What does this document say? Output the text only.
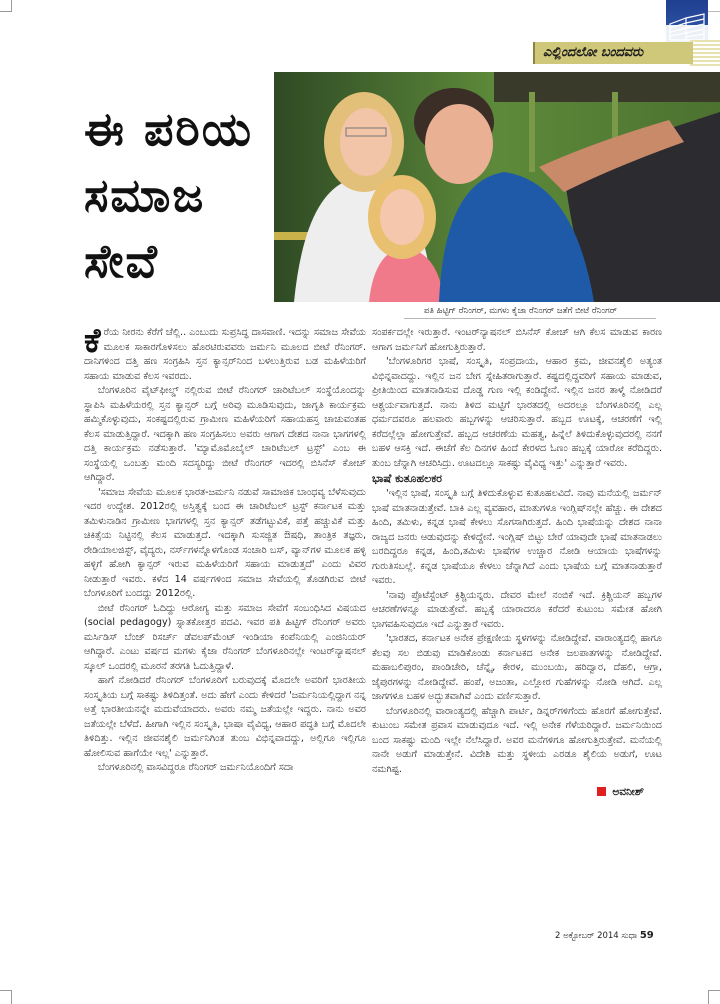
ಎಲ್ಲಿಂದಲೋ ಬಂದವರು
ಈ ಪರಿಯ
ಸಮಾಜ
ಸೇವೆ
ಪತಿ ಹಿಟ್ಟಿಗ್ ರೆನಿಂಗರ್, ಮಗಳು ಕೈಜಾ ರೆನಿಂಗರ್ ಜತೆಗೆ ಬೀಟೆ ರೆನಿಂಗರ್

ಕೆರೆಯ ನೀರನು ಕೆರೆಗೆ ಚೆಲ್ಲಿ.. ಎಂಬುದು ಸುಪ್ರಸಿದ್ಧ ದಾಸವಾಣಿ. ಇದನ್ನು ಸಮಾಜ ಸೇವೆಯ ಮೂಲಕ ಸಾಕಾರಗೊಳಿಸಲು ಹೊರಟಿರುವವರು ಜರ್ಮನಿ ಮೂಲದ ಬೀಟೆ ರೆನಿಂಗರ್. ದಾನಿಗಳಿಂದ ದತ್ತಿ ಹಣ ಸಂಗ್ರಹಿಸಿ ಸ್ತನ ಕ್ಯಾನ್ಸರ್‌ನಿಂದ ಬಳಲುತ್ತಿರುವ ಬಡ ಮಹಿಳೆಯರಿಗೆ ಸಹಾಯ ಮಾಡುವ ಕೆಲಸ ಇವರದು.

ಬೆಂಗಳೂರಿನ ವೈಟ್‌ಫೀಲ್ಡ್ ನಲ್ಲಿರುವ ಬೀಟೆ ರೆನಿಂಗರ್ ಚಾರಿಟೆಬಲ್ ಸಂಸ್ಥೆಯೊಂದನ್ನು ಸ್ಥಾಪಿಸಿ ಮಹಿಳೆಯರಲ್ಲಿ ಸ್ತನ ಕ್ಯಾನ್ಸರ್ ಬಗ್ಗೆ ಅರಿವು ಮೂಡಿಸುವುದು, ಜಾಗೃತಿ ಕಾರ್ಯಕ್ರಮ ಹಮ್ಮಿಕೊಳ್ಳುವುದು, ಸಂಕಷ್ಟದಲ್ಲಿರುವ ಗ್ರಾಮೀಣ ಮಹಿಳೆಯರಿಗೆ ಸಹಾಯಹಸ್ತ ಚಾಚುವಂತಹ ಕೆಲಸ ಮಾಡುತ್ತಿದ್ದಾರೆ. ಇದಕ್ಕಾಗಿ ಹಣ ಸಂಗ್ರಹಿಸಲು ಅವರು ಆಗಾಗ ದೇಶದ ನಾನಾ ಭಾಗಗಳಲ್ಲಿ ದತ್ತಿ ಕಾರ್ಯಕ್ರಮ ನಡೆಸುತ್ತಾರೆ. 'ಮ್ಯಾಮೊಮೊಬೈಲ್ ಚಾರಿಟೆಬಲ್ ಟ್ರಸ್ಟ್' ಎಂಬ ಈ ಸಂಸ್ಥೆಯಲ್ಲಿ ಒಂಬತ್ತು ಮಂದಿ ಸದಸ್ಯರಿದ್ದು ಬೀಟೆ ರೆನಿಂಗರ್ ಇದರಲ್ಲಿ ಬಿಸಿನೆಸ್ ಕೋಚ್ ಆಗಿದ್ದಾರೆ.

'ಸಮಾಜ ಸೇವೆಯ ಮೂಲಕ ಭಾರತ-ಜರ್ಮನಿ ನಡುವೆ ಸಾಮಾಜಿಕ ಬಾಂಧವ್ಯ ಬೆಳೆಸುವುದು ಇದರ ಉದ್ದೇಶ. 2012ರಲ್ಲಿ ಅಸ್ತಿತ್ವಕ್ಕೆ ಬಂದ ಈ ಚಾರಿಟೆಬಲ್ ಟ್ರಸ್ಟ್ ಕರ್ನಾಟಕ ಮತ್ತು ತಮಿಳುನಾಡಿನ ಗ್ರಾಮೀಣ ಭಾಗಗಳಲ್ಲಿ ಸ್ತನ ಕ್ಯಾನ್ಸರ್ ತಡೆಗಟ್ಟುವಿಕೆ, ಪತ್ತೆ ಹಚ್ಚುವಿಕೆ ಮತ್ತು ಚಿಕಿತ್ಸೆಯ ನಿಟ್ಟಿನಲ್ಲಿ ಕೆಲಸ ಮಾಡುತ್ತದೆ. ಇದಕ್ಕಾಗಿ ಸುಸಜ್ಜಿತ ಔಷಧಿ, ತಾಂತ್ರಿಕ ತಜ್ಞರು, ರೇಡಿಯಾಲಜಿಸ್ಟ್, ವೈದ್ಯರು, ನರ್ಸ್‌ಗಳನ್ನೊಳಗೊಂಡ ಸಂಚಾರಿ ಬಸ್, ವ್ಯಾನ್‌ಗಳ ಮೂಲಕ ಹಳ್ಳಿ ಹಳ್ಳಿಗೆ ಹೋಗಿ ಕ್ಯಾನ್ಸರ್ ಇರುವ ಮಹಿಳೆಯರಿಗೆ ಸಹಾಯ ಮಾಡುತ್ತದೆ' ಎಂದು ವಿವರ ನೀಡುತ್ತಾರೆ ಇವರು. ಕಳೆದ 14 ವರ್ಷಗಳಿಂದ ಸಮಾಜ ಸೇವೆಯಲ್ಲಿ ತೊಡಗಿರುವ ಬೀಟೆ ಬೆಂಗಳೂರಿಗೆ ಬಂದದ್ದು 2012ರಲ್ಲಿ.

ಬೀಟೆ ರೆನಿಂಗರ್ ಓದಿದ್ದು ಆರೋಗ್ಯ ಮತ್ತು ಸಮಾಜ ಸೇವೆಗೆ ಸಂಬಂಧಿಸಿದ ವಿಷಯದ (social pedagogy) ಸ್ನಾತಕೋತ್ತರ ಪದವಿ. ಇವರ ಪತಿ ಹಿಟ್ಟಿಗ್ ರೆನಿಂಗರ್ ಅವರು ಮರ್ಸಿಡಿಸ್ ಬೆಂಜ್ ರಿಸರ್ಚ್ ಡೆವಲಪ್‌ಮೆಂಟ್ ಇಂಡಿಯಾ ಕಂಪೆನಿಯಲ್ಲಿ ಎಂಜಿನಿಯರ್ ಆಗಿದ್ದಾರೆ. ಎಂಟು ವರ್ಷದ ಮಗಳು ಕೈಜಾ ರೆನಿಂಗರ್ ಬೆಂಗಳೂರಿನಲ್ಲೇ ಇಂಟರ್‌ನ್ಯಾಷನಲ್ ಸ್ಕೂಲ್ ಒಂದರಲ್ಲಿ ಮೂರನೆ ತರಗತಿ ಓದುತ್ತಿದ್ದಾಳೆ.

ಹಾಗೆ ನೋಡಿದರೆ ರೆನಿಂಗರ್ ಬೆಂಗಳೂರಿಗೆ ಬರುವುದಕ್ಕೆ ಮೊದಲೇ ಅವರಿಗೆ ಭಾರತೀಯ ಸಂಸ್ಕೃತಿಯ ಬಗ್ಗೆ ಸಾಕಷ್ಟು ತಿಳಿದಿತ್ತಂತೆ. ಅದು ಹೇಗೆ ಎಂದು ಕೇಳಿದರೆ 'ಜರ್ಮನಿಯಲ್ಲಿದ್ದಾಗ ನನ್ನ ಅತ್ತೆ ಭಾರತೀಯನನ್ನೇ ಮದುವೆಯಾದರು. ಅವರು ನಮ್ಮ ಜತೆಯಲ್ಲೇ ಇದ್ದರು. ನಾನು ಅವರ ಜತೆಯಲ್ಲೇ ಬೆಳೆದೆ. ಹೀಗಾಗಿ ಇಲ್ಲಿನ ಸಂಸ್ಕೃತಿ, ಭಾಷಾ ವೈವಿಧ್ಯ, ಆಹಾರ ಪದ್ಧತಿ ಬಗ್ಗೆ ಮೊದಲೇ ತಿಳಿದಿತ್ತು. ಇಲ್ಲಿನ ಜೀವನಶೈಲಿ ಜರ್ಮನಿಗಿಂತ ತುಂಬ ವಿಭಿನ್ನವಾದದ್ದು, ಅಲ್ಲಿಗೂ ಇಲ್ಲಿಗೂ ಹೋಲಿಸುವ ಹಾಗೆಯೇ ಇಲ್ಲ' ಎನ್ನುತ್ತಾರೆ.

ಬೆಂಗಳೂರಿನಲ್ಲಿ ವಾಸವಿದ್ದರೂ ರೆನಿಂಗರ್ ಜರ್ಮನಿಯೊಂದಿಗೆ ಸದಾ

ಸಂಪರ್ಕದಲ್ಲೇ ಇರುತ್ತಾರೆ. ಇಂಟರ್‌ನ್ಯಾಷನಲ್ ಬಿಸಿನೆಸ್ ಕೋಚ್ ಆಗಿ ಕೆಲಸ ಮಾಡುವ ಕಾರಣ ಆಗಾಗ ಜರ್ಮನಿಗೆ ಹೋಗುತ್ತಿರುತ್ತಾರೆ.

'ಬೆಂಗಳೂರಿಗರ ಭಾಷೆ, ಸಂಸ್ಕೃತಿ, ಸಂಪ್ರದಾಯ, ಆಹಾರ ಕ್ರಮ, ಜೀವನಶೈಲಿ ಅತ್ಯಂತ ವಿಭಿನ್ನವಾದದ್ದು. ಇಲ್ಲಿನ ಜನ ಬೇಗ ಸ್ನೇಹಿತರಾಗುತ್ತಾರೆ. ಕಷ್ಟದಲ್ಲಿದ್ದವರಿಗೆ ಸಹಾಯ ಮಾಡುವ, ಪ್ರೀತಿಯಿಂದ ಮಾತನಾಡಿಸುವ ದೊಡ್ಡ ಗುಣ ಇಲ್ಲಿ ಕಂಡಿದ್ದೇನೆ. ಇಲ್ಲಿನ ಜನರ ತಾಳ್ಮೆ ನೋಡಿದರೆ ಆಶ್ಚರ್ಯವಾಗುತ್ತದೆ. ನಾನು ತಿಳಿದ ಮಟ್ಟಿಗೆ ಭಾರತದಲ್ಲಿ ಅದರಲ್ಲೂ ಬೆಂಗಳೂರಿನಲ್ಲಿ ಎಲ್ಲ ಧರ್ಮದವರೂ ಹಲವಾರು ಹಬ್ಬಗಳನ್ನು ಆಚರಿಸುತ್ತಾರೆ. ಹಬ್ಬದ ಊಟಕ್ಕೆ, ಆಚರಣೆಗೆ ಇಲ್ಲಿ ಕರೆದಲ್ಲೆಲ್ಲಾ ಹೋಗುತ್ತೇವೆ. ಹಬ್ಬದ ಆಚರಣೆಯ ಮಹತ್ವ, ಹಿನ್ನೆಲೆ ತಿಳಿದುಕೊಳ್ಳುವುದರಲ್ಲಿ ನನಗೆ ಬಹಳ ಆಸಕ್ತಿ ಇದೆ. ಈಚೆಗೆ ಕೆಲ ದಿನಗಳ ಹಿಂದೆ ಕೇರಳದ ಓಣಂ ಹಬ್ಬಕ್ಕೆ ಯಾರೋ ಕರೆದಿದ್ದರು. ತುಂಬ ಚೆನ್ನಾಗಿ ಆಚರಿಸಿದ್ರು. ಊಟದಲ್ಲೂ ಸಾಕಷ್ಟು ವೈವಿಧ್ಯ ಇತ್ತು' ಎನ್ನುತ್ತಾರೆ ಇವರು.

ಭಾಷೆ ಕುತೂಹಲಕರ

'ಇಲ್ಲಿನ ಭಾಷೆ, ಸಂಸ್ಕೃತಿ ಬಗ್ಗೆ ತಿಳಿದುಕೊಳ್ಳುವ ಕುತೂಹಲವಿದೆ. ನಾವು ಮನೆಯಲ್ಲಿ ಜರ್ಮನ್ ಭಾಷೆ ಮಾತನಾಡುತ್ತೇವೆ. ಬಾಕಿ ಎಲ್ಲ ವ್ಯವಹಾರ, ಮಾತುಗಳೂ ಇಂಗ್ಲಿಷ್‌ನಲ್ಲೇ ಹೆಚ್ಚು. ಈ ದೇಶದ ಹಿಂದಿ, ತಮಿಳು, ಕನ್ನಡ ಭಾಷೆ ಕೇಳಲು ಸೊಗಸಾಗಿರುತ್ತದೆ. ಹಿಂದಿ ಭಾಷೆಯನ್ನು ದೇಶದ ನಾನಾ ರಾಜ್ಯದ ಜನರು ಆಡುವುದನ್ನು ಕೇಳಿದ್ದೇನೆ. ಇಂಗ್ಲಿಷ್ ಬಿಟ್ಟು ಬೇರೆ ಯಾವುದೇ ಭಾಷೆ ಮಾತನಾಡಲು ಬರದಿದ್ದರೂ ಕನ್ನಡ, ಹಿಂದಿ,ತಮಿಳು ಭಾಷೆಗಳ ಉಚ್ಚಾರ ನೋಡಿ ಆಯಾಯ ಭಾಷೆಗಳನ್ನು ಗುರುತಿಸಬಲ್ಲೆ. ಕನ್ನಡ ಭಾಷೆಯೂ ಕೇಳಲು ಚೆನ್ನಾಗಿದೆ ಎಂದು ಭಾಷೆಯ ಬಗ್ಗೆ ಮಾತನಾಡುತ್ತಾರೆ ಇವರು.

'ನಾವು ಪ್ರೊಟೆಸ್ಟೆಂಟ್ ಕ್ರಿಶ್ಚಿಯನ್ನರು. ದೇವರ ಮೇಲೆ ನಂಬಿಕೆ ಇದೆ. ಕ್ರಿಶ್ಚಿಯನ್ ಹಬ್ಬಗಳ ಆಚರಣೆಗಳನ್ನೂ ಮಾಡುತ್ತೇವೆ. ಹಬ್ಬಕ್ಕೆ ಯಾರಾದರೂ ಕರೆದರೆ ಕುಟುಂಬ ಸಮೇತ ಹೋಗಿ ಭಾಗವಹಿಸುವುದೂ ಇದೆ ಎನ್ನುತ್ತಾರೆ ಇವರು.

'ಭಾರತದ, ಕರ್ನಾಟಕ ಅನೇಕ ಪ್ರೇಕ್ಷಣೀಯ ಸ್ಥಳಗಳನ್ನು ನೋಡಿದ್ದೇವೆ. ವಾರಾಂತ್ಯದಲ್ಲಿ ಹಾಗೂ ಕೆಲವು ಸಲ ಬಿಡುವು ಮಾಡಿಕೊಂಡು ಕರ್ನಾಟಕದ ಅನೇಕ ಜಲಪಾತಗಳನ್ನು ನೋಡಿದ್ದೇವೆ. ಮಹಾಬಲಿಪುರಂ, ಪಾಂಡಿಚೇರಿ, ಚೆನ್ನೈ, ಕೇರಳ, ಮುಂಬಯಿ, ಹರಿದ್ವಾರ, ದೆಹಲಿ, ಆಗ್ರಾ, ಜೈಪುರಗಳನ್ನು ನೋಡಿದ್ದೇವೆ. ಹಂಪೆ, ಅಜಂತಾ, ಎಲ್ಲೋರ ಗುಹೆಗಳನ್ನು ನೋಡಿ ಆಗಿದೆ. ಎಲ್ಲ ಜಾಗಗಳೂ ಬಹಳ ಅದ್ಭುತವಾಗಿವೆ ಎಂದು ವರ್ಣಿಸುತ್ತಾರೆ.

ಬೆಂಗಳೂರಿನಲ್ಲಿ ವಾರಾಂತ್ಯದಲ್ಲಿ ಹೆಚ್ಚಾಗಿ ಪಾರ್ಟಿ, ಡಿನ್ನರ್‌ಗಳಿಗೆಂದು ಹೊರಗೆ ಹೋಗುತ್ತೇವೆ. ಕುಟುಂಬ ಸಮೇತ ಪ್ರವಾಸ ಮಾಡುವುದೂ ಇದೆ. ಇಲ್ಲಿ ಅನೇಕ ಗೆಳೆಯರಿದ್ದಾರೆ. ಜರ್ಮನಿಯಿಂದ ಬಂದ ಸಾಕಷ್ಟು ಮಂದಿ ಇಲ್ಲೇ ನೆಲೆಸಿದ್ದಾರೆ. ಅವರ ಮನೆಗಳಿಗೂ ಹೋಗುತ್ತಿರುತ್ತೇವೆ. ಮನೆಯಲ್ಲಿ ನಾನೇ ಅಡುಗೆ ಮಾಡುತ್ತೇನೆ. ವಿದೇಶಿ ಮತ್ತು ಸ್ಥಳೀಯ ಎರಡೂ ಶೈಲಿಯ ಅಡುಗೆ, ಊಟ ನಮಗಿಷ್ಟ.

ಅವನೀಶ್
2 ಅಕ್ಟೋಬರ್ 2014 ಸುಧಾ 59
